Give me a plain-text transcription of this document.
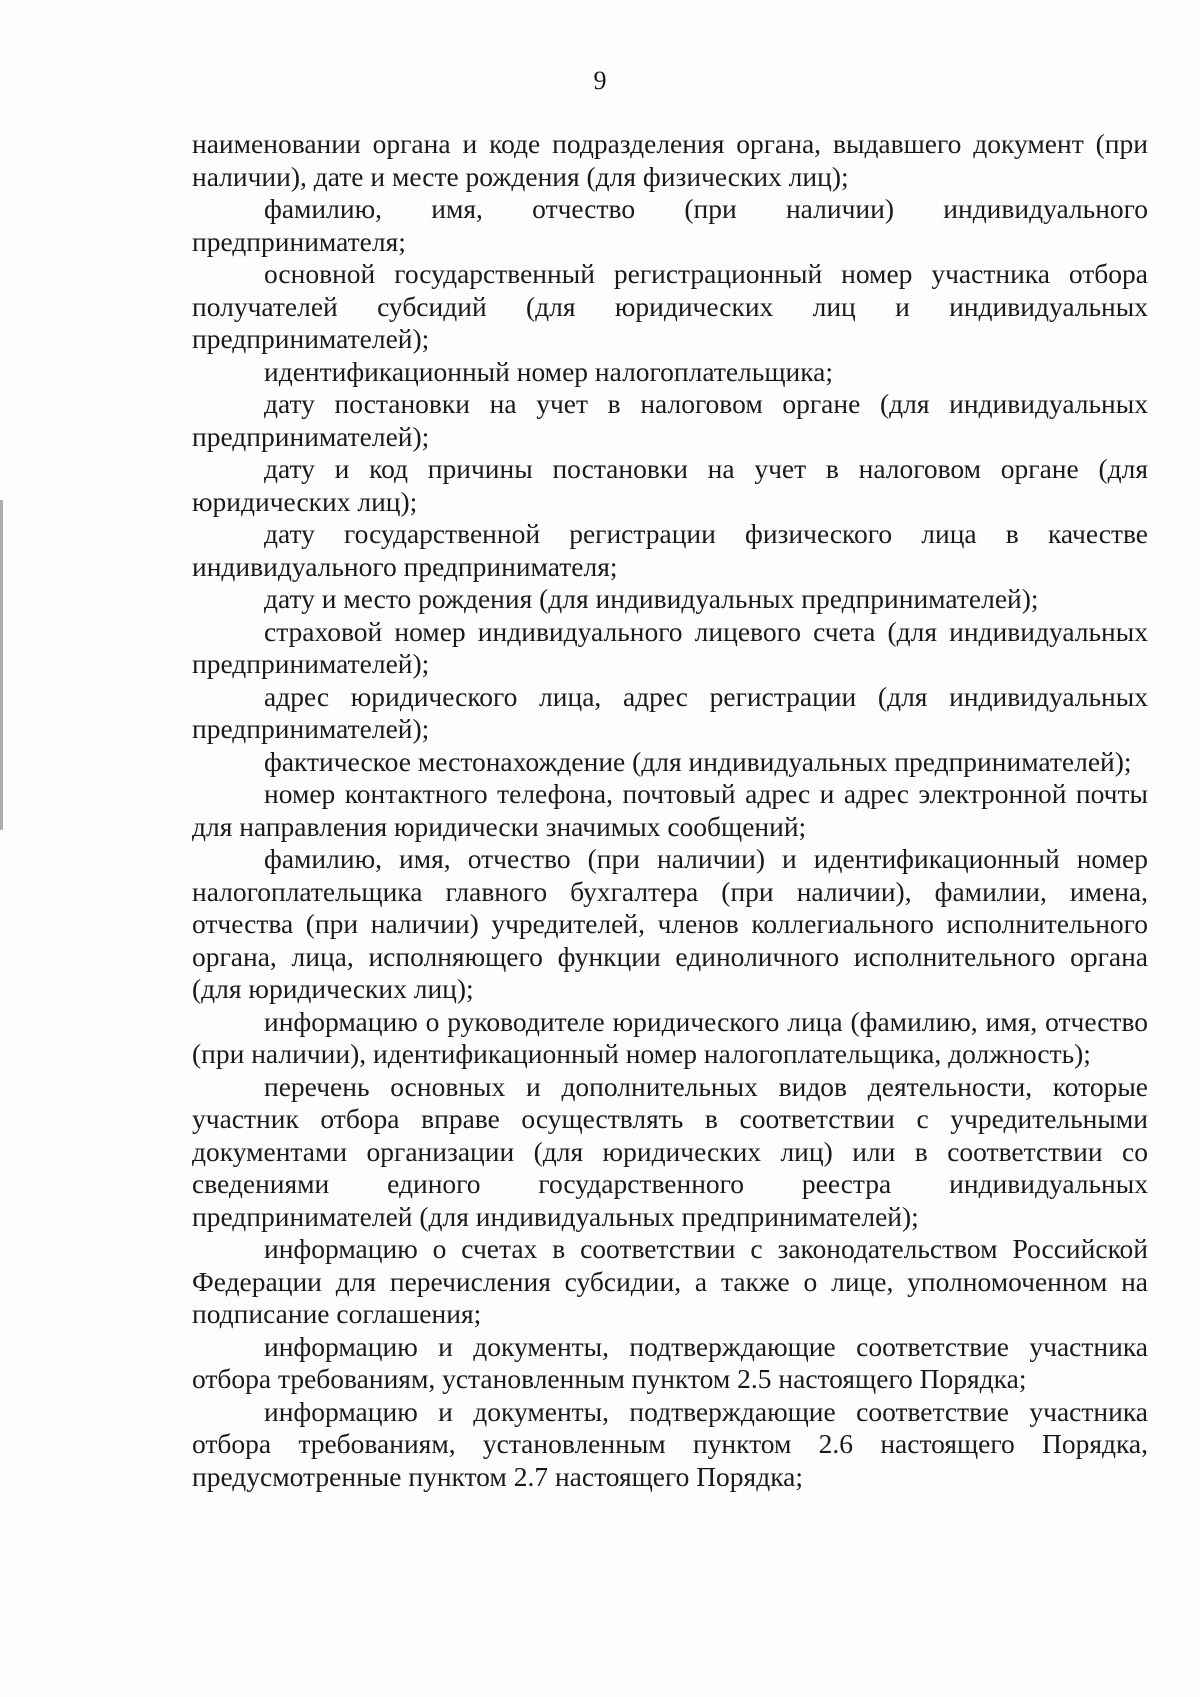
9

наименовании органа и коде подразделения органа, выдавшего документ (при наличии), дате и месте рождения (для физических лиц);

фамилию, имя, отчество (при наличии) индивидуального предпринимателя;

основной государственный регистрационный номер участника отбора получателей субсидий (для юридических лиц и индивидуальных предпринимателей);

идентификационный номер налогоплательщика;

дату постановки на учет в налоговом органе (для индивидуальных предпринимателей);

дату и код причины постановки на учет в налоговом органе (для юридических лиц);

дату государственной регистрации физического лица в качестве индивидуального предпринимателя;

дату и место рождения (для индивидуальных предпринимателей);

страховой номер индивидуального лицевого счета (для индивидуальных предпринимателей);

адрес юридического лица, адрес регистрации (для индивидуальных предпринимателей);

фактическое местонахождение (для индивидуальных предпринимателей);

номер контактного телефона, почтовый адрес и адрес электронной почты для направления юридически значимых сообщений;

фамилию, имя, отчество (при наличии) и идентификационный номер налогоплательщика главного бухгалтера (при наличии), фамилии, имена, отчества (при наличии) учредителей, членов коллегиального исполнительного органа, лица, исполняющего функции единоличного исполнительного органа (для юридических лиц);

информацию о руководителе юридического лица (фамилию, имя, отчество (при наличии), идентификационный номер налогоплательщика, должность);

перечень основных и дополнительных видов деятельности, которые участник отбора вправе осуществлять в соответствии с учредительными документами организации (для юридических лиц) или в соответствии со сведениями единого государственного реестра индивидуальных предпринимателей (для индивидуальных предпринимателей);

информацию о счетах в соответствии с законодательством Российской Федерации для перечисления субсидии, а также о лице, уполномоченном на подписание соглашения;

информацию и документы, подтверждающие соответствие участника отбора требованиям, установленным пунктом 2.5 настоящего Порядка;

информацию и документы, подтверждающие соответствие участника отбора требованиям, установленным пунктом 2.6 настоящего Порядка, предусмотренные пунктом 2.7 настоящего Порядка;
